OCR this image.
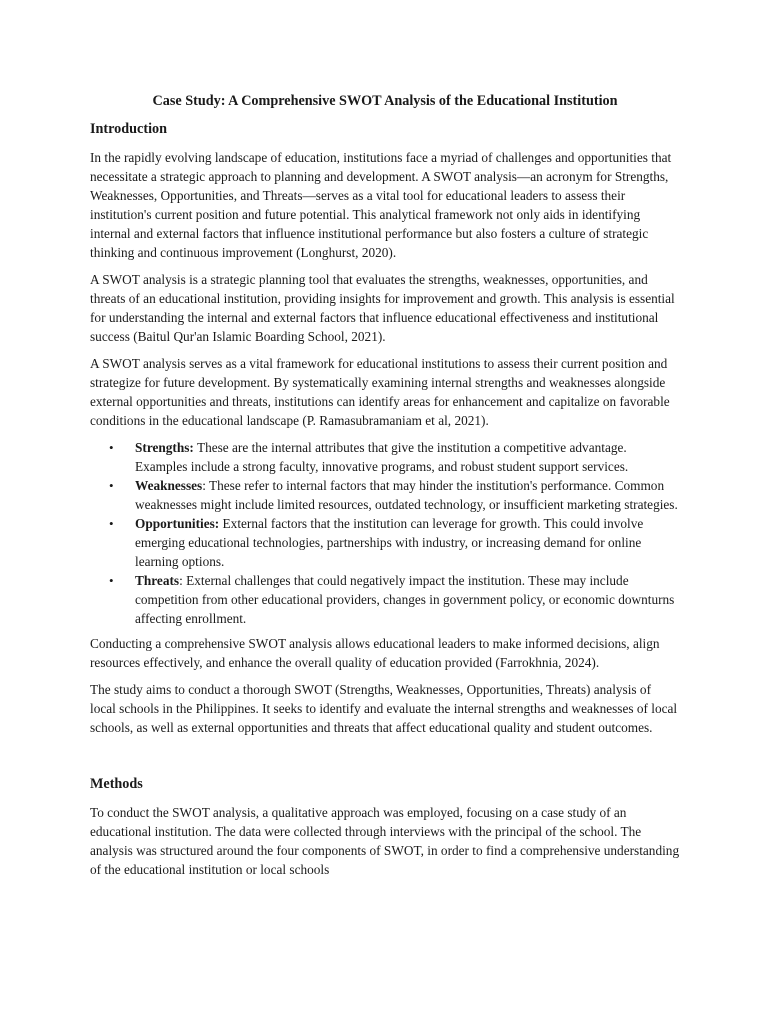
Case Study: A Comprehensive SWOT Analysis of the Educational Institution
Introduction

In the rapidly evolving landscape of education, institutions face a myriad of challenges and opportunities that necessitate a strategic approach to planning and development. A SWOT analysis—an acronym for Strengths, Weaknesses, Opportunities, and Threats—serves as a vital tool for educational leaders to assess their institution's current position and future potential. This analytical framework not only aids in identifying internal and external factors that influence institutional performance but also fosters a culture of strategic thinking and continuous improvement (Longhurst, 2020).

A SWOT analysis is a strategic planning tool that evaluates the strengths, weaknesses, opportunities, and threats of an educational institution, providing insights for improvement and growth. This analysis is essential for understanding the internal and external factors that influence educational effectiveness and institutional success (Baitul Qur'an Islamic Boarding School, 2021).

A SWOT analysis serves as a vital framework for educational institutions to assess their current position and strategize for future development. By systematically examining internal strengths and weaknesses alongside external opportunities and threats, institutions can identify areas for enhancement and capitalize on favorable conditions in the educational landscape (P. Ramasubramaniam et al, 2021).

• Strengths: These are the internal attributes that give the institution a competitive advantage. Examples include a strong faculty, innovative programs, and robust student support services.
• Weaknesses: These refer to internal factors that may hinder the institution's performance. Common weaknesses might include limited resources, outdated technology, or insufficient marketing strategies.
• Opportunities: External factors that the institution can leverage for growth. This could involve emerging educational technologies, partnerships with industry, or increasing demand for online learning options.
• Threats: External challenges that could negatively impact the institution. These may include competition from other educational providers, changes in government policy, or economic downturns affecting enrollment.

Conducting a comprehensive SWOT analysis allows educational leaders to make informed decisions, align resources effectively, and enhance the overall quality of education provided (Farrokhnia, 2024).

The study aims to conduct a thorough SWOT (Strengths, Weaknesses, Opportunities, Threats) analysis of local schools in the Philippines. It seeks to identify and evaluate the internal strengths and weaknesses of local schools, as well as external opportunities and threats that affect educational quality and student outcomes.

Methods

To conduct the SWOT analysis, a qualitative approach was employed, focusing on a case study of an educational institution. The data were collected through interviews with the principal of the school. The analysis was structured around the four components of SWOT, in order to find a comprehensive understanding of the educational institution or local schools
